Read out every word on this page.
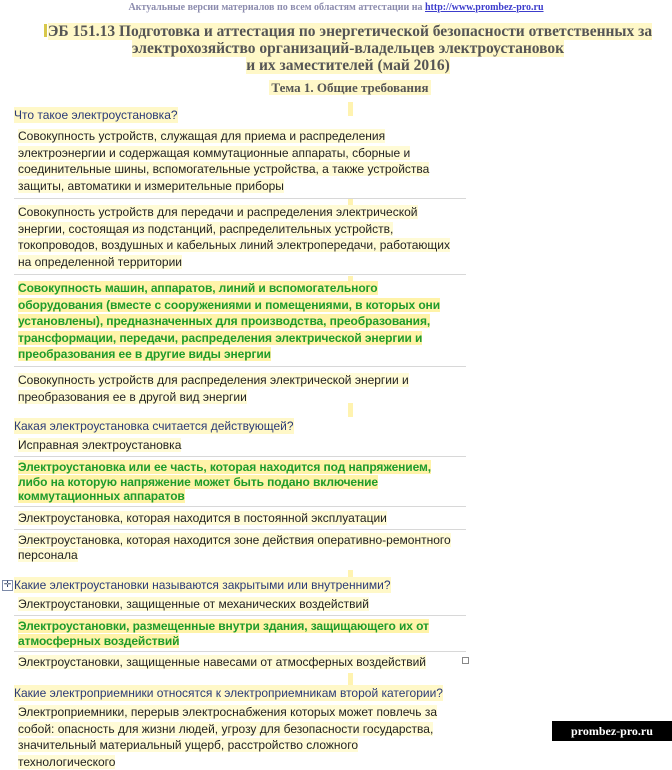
Актуальные версии материалов по всем областям аттестации на http://www.prombez-pro.ru
ЭБ 151.13 Подготовка и аттестация по энергетической безопасности ответственных за
электрохозяйство организаций-владельцев электроустановок
и их заместителей (май 2016)
Тема 1. Общие требования
Что такое электроустановка?
Совокупность устройств, служащая для приема и распределения электроэнергии и содержащая коммутационные аппараты, сборные и соединительные шины, вспомогательные устройства, а также устройства защиты, автоматики и измерительные приборы
Совокупность устройств для передачи и распределения электрической энергии, состоящая из подстанций, распределительных устройств, токопроводов, воздушных и кабельных линий электропередачи, работающих на определенной территории
Совокупность машин, аппаратов, линий и вспомогательного оборудования (вместе с сооружениями и помещениями, в которых они установлены), предназначенных для производства, преобразования, трансформации, передачи, распределения электрической энергии и преобразования ее в другие виды энергии
Совокупность устройств для распределения электрической энергии и преобразования ее в другой вид энергии
Какая электроустановка считается действующей?
Исправная электроустановка
Электроустановка или ее часть, которая находится под напряжением, либо на которую напряжение может быть подано включение коммутационных аппаратов
Электроустановка, которая находится в постоянной эксплуатации
Электроустановка, которая находится зоне действия оперативно-ремонтного персонала
✛ Какие электроустановки называются закрытыми или внутренними?
Электроустановки, защищенные от механических воздействий
Электроустановки, размещенные внутри здания, защищающего их от атмосферных воздействий
Электроустановки, защищенные навесами от атмосферных воздействий
Какие электроприемники относятся к электроприемникам второй категории?
Электроприемники, перерыв электроснабжения которых может повлечь за собой: опасность для жизни людей, угрозу для безопасности государства, значительный материальный ущерб, расстройство сложного технологического
prombez-pro.ru
